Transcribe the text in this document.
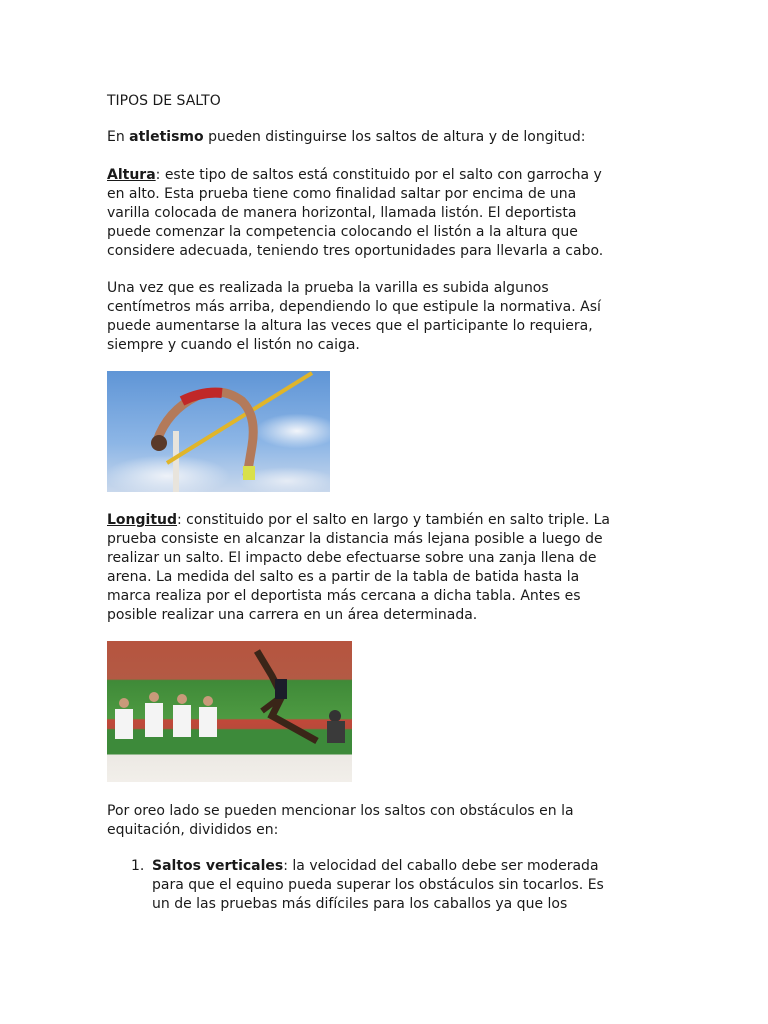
TIPOS DE SALTO
En atletismo pueden distinguirse los saltos de altura y de longitud:
Altura: este tipo de saltos está constituido por el salto con garrocha y
en alto. Esta prueba tiene como finalidad saltar por encima de una
varilla colocada de manera horizontal, llamada listón. El deportista
puede comenzar la competencia colocando el listón a la altura que
considere adecuada, teniendo tres oportunidades para llevarla a cabo.
Una vez que es realizada la prueba la varilla es subida algunos
centímetros más arriba, dependiendo lo que estipule la normativa. Así
puede aumentarse la altura las veces que el participante lo requiera,
siempre y cuando el listón no caiga.
Longitud: constituido por el salto en largo y también en salto triple. La
prueba consiste en alcanzar la distancia más lejana posible a luego de
realizar un salto. El impacto debe efectuarse sobre una zanja llena de
arena. La medida del salto es a partir de la tabla de batida hasta la
marca realiza por el deportista más cercana a dicha tabla. Antes es
posible realizar una carrera en un área determinada.
Por oreo lado se pueden mencionar los saltos con obstáculos en la
equitación, divididos en:
1. Saltos verticales: la velocidad del caballo debe ser moderada
para que el equino pueda superar los obstáculos sin tocarlos. Es
un de las pruebas más difíciles para los caballos ya que los
